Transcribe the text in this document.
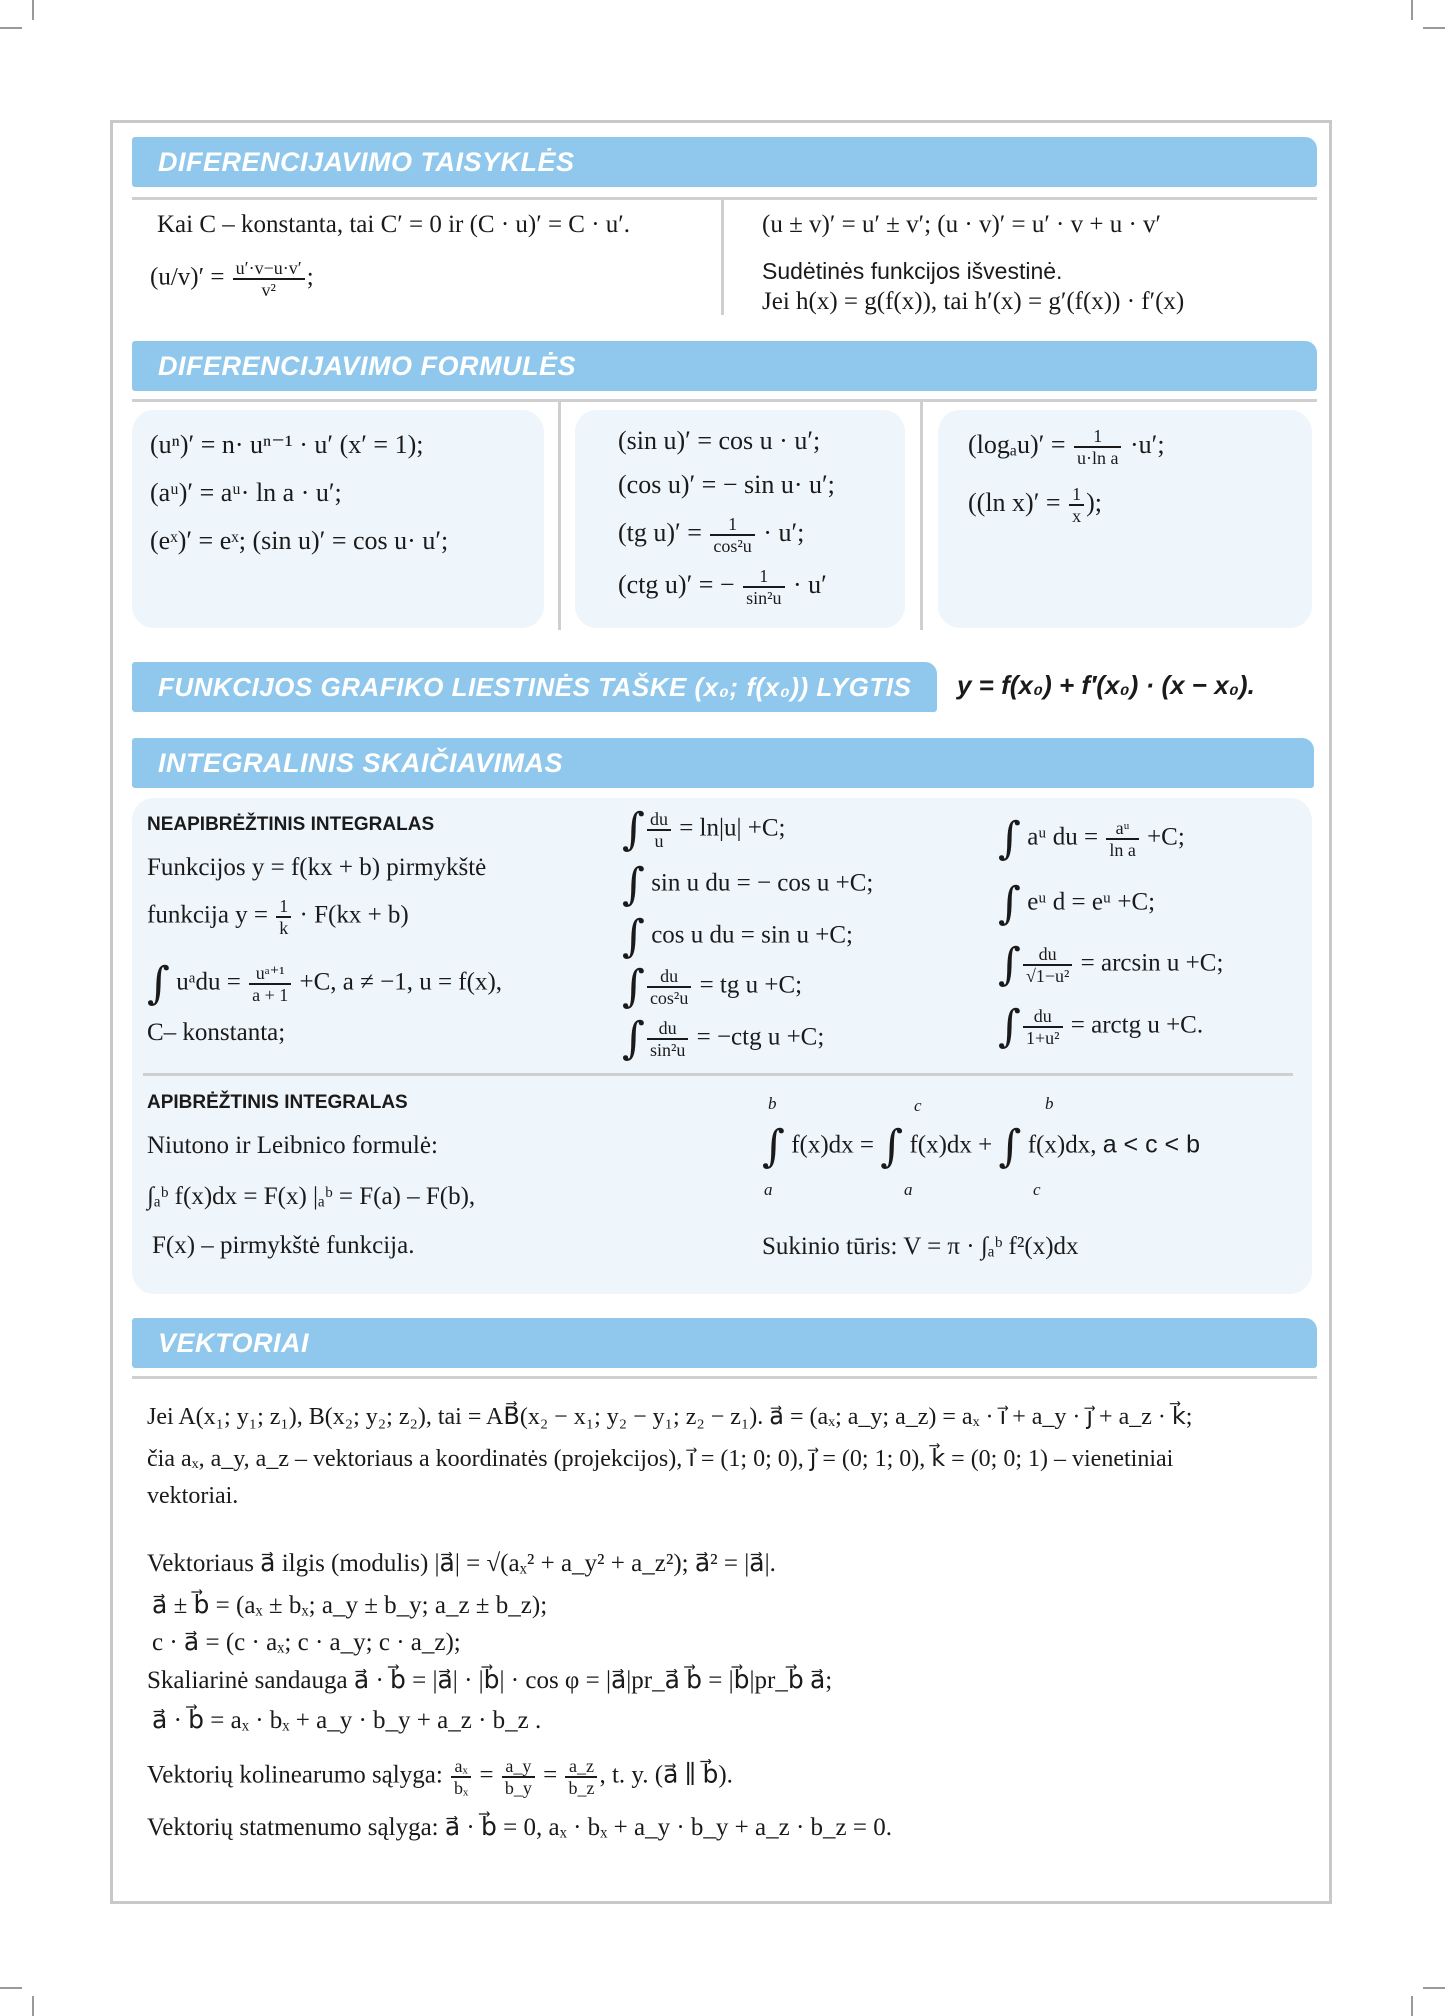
DIFERENCIJAVIMO TAISYKLĖS
Kai C – konstanta, tai C′ = 0 ir (C · u)′ = C · u′.
$(u/v)' = \frac{u'\cdot v-u\cdot v'}{\text{v²}}$ ;
(u ± v)′ = u′ ± v′; (u · v)′ = u′ · v + u · v′
Sudėtinės funkcijos išvestinė.
Jei h(x) = g(f(x)), tai h′(x) = g′(f(x)) · f′(x)
DIFERENCIJAVIMO FORMULĖS
(uⁿ)′ = n· uⁿ⁻¹ · u′ (x′ = 1);
(aᵘ)′ = aᵘ· ln a · u′;
(eˣ)′ = eˣ; (sin u)′ = cos u· u′;
(sin u)′ = cos u · u′;
(cos u)′ = − sin u· u′;
(tg $u)' = \frac{1}{\text{cos²u}} \cdot u'$;
(ctg u)′ = − $\frac{1}{\text{sin²u}} \cdot u'$
$(\log_au)' = \frac{1}{\text{u·ln a}} \cdot u'$;
((ln $x)' = \frac{1}{x}$ );
FUNKCIJOS GRAFIKO LIESTINĖS TAŠKE (x₀; f(x₀)) LYGTIS	y = f(x₀) + f′(x₀) · (x − x₀).
INTEGRALINIS SKAIČIAVIMAS
NEAPIBRĖŽTINIS INTEGRALAS
Funkcijos y = f(kx + b) pirmykštė
funkcija $y = \frac{1}{k} \cdot F(kx + b)$
∫ uᵃdu = $\frac{\text{uᵃ⁺¹}}{a + 1} +C$, a ≠ −1, u = f(x),
C– konstanta;
∫ $\frac{du}{u} = \ln|u| +C$;
∫ sin u du = − cos u +C;
∫ cos u du = sin u +C;
∫ $\frac{du}{\text{cos²u}}$ = tg u +C;
∫ $\frac{du}{\text{sin²u}} = -ctg$ u +C;
∫ aᵘ du = $\frac{\text{aᵘ}}{\text{ln a}} +C$;
∫ eᵘ d = eᵘ +C;
∫ $\frac{du}{\text{√1−u²}} = \arcsin u +C$;
∫ $\frac{du}{\text{1+u²}}$ = arctg u +C.
APIBRĖŽTINIS INTEGRALAS
Niutono ir Leibnico formulė:
∫ₐᵇ f(x)dx = F(x) |ₐᵇ = F(a) – F(b),
F(x) – pirmykštė funkcija.
∫ f(x)dx = ∫ f(x)dx + ∫ f(x)dx, a < c < b
b
a
c
a
b
c
Sukinio tūris: V = π · ∫ₐᵇ f²(x)dx
VEKTORIAI
Jei A(x₁; y₁; z₁), B(x₂; y₂; z₂), tai = AB⃗(x₂ − x₁; y₂ − y₁; z₂ − z₁). a⃗ = (aₓ; a_y; a_z) = aₓ · i⃗ + a_y · j⃗ + a_z · k⃗;
čia aₓ, a_y, a_z – vektoriaus a koordinatės (projekcijos), i⃗ = (1; 0; 0), j⃗ = (0; 1; 0), k⃗ = (0; 0; 1) – vienetiniai
vektoriai.
Vektoriaus a⃗ ilgis (modulis) |a⃗| = √(aₓ² + a_y² + a_z²); a⃗² = |a⃗|.
a⃗ ± b⃗ = (aₓ ± bₓ; a_y ± b_y; a_z ± b_z);
c · a⃗ = (c · aₓ; c · a_y; c · a_z);
Skaliarinė sandauga a⃗ · b⃗ = |a⃗| · |b⃗| · cos φ = |a⃗|pr_a⃗ b⃗ = |b⃗|pr_b⃗ a⃗;
a⃗ · b⃗ = aₓ · bₓ + a_y · b_y + a_z · b_z .
Vektorių kolinearumo sąlyga: $\frac{\text{aₓ}}{\text{bₓ}} = \frac{a\_y}{b\_y} = \frac{a\_z}{b\_z}$ , t. y. (a⃗ ∥ b⃗).
Vektorių statmenumo sąlyga: a⃗ · b⃗ = 0, aₓ · bₓ + a_y · b_y + a_z · b_z = 0.
